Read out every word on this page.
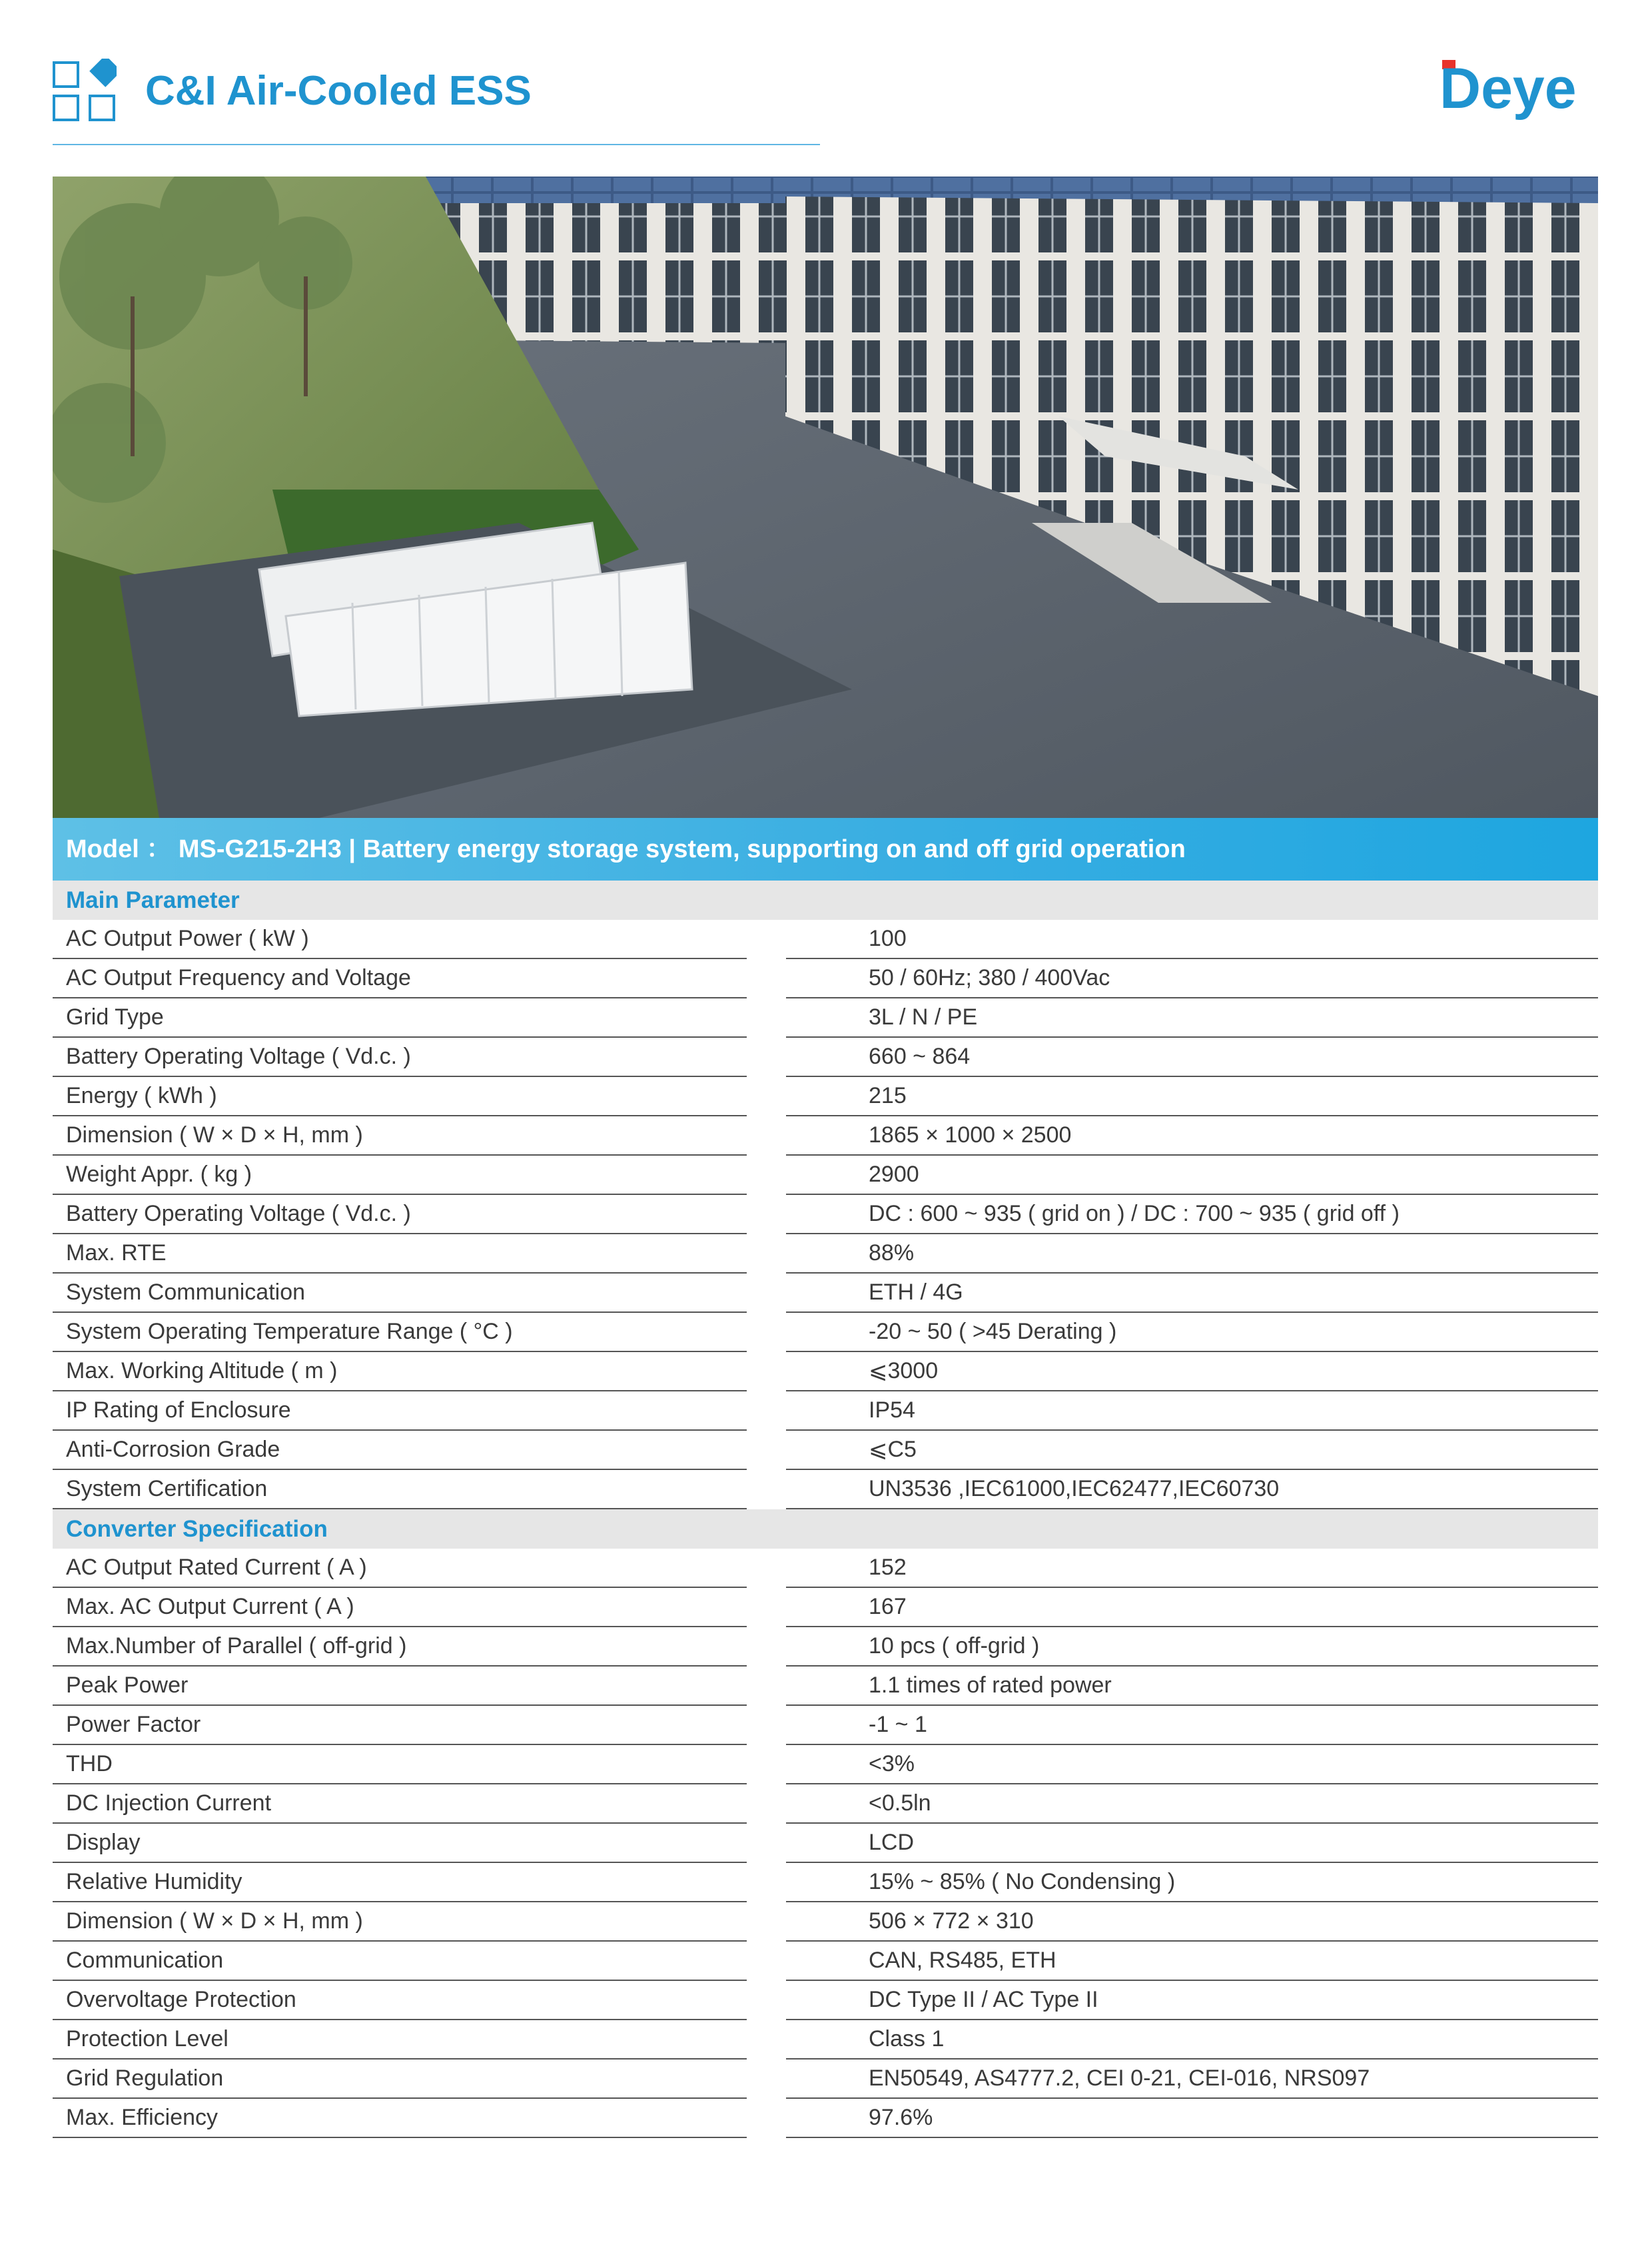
C&I Air-Cooled ESS	Deye
Model ： MS-G215-2H3 | Battery energy storage system, supporting on and off grid operation
Main Parameter
AC Output Power ( kW )	100
AC Output Frequency and Voltage	50 / 60Hz; 380 / 400Vac
Grid Type	3L / N / PE
Battery Operating Voltage ( Vd.c. )	660 ~ 864
Energy ( kWh )	215
Dimension ( W × D × H, mm )	1865 × 1000 × 2500
Weight Appr. ( kg )	2900
Battery Operating Voltage ( Vd.c. )	DC : 600 ~ 935 ( grid on ) / DC : 700 ~ 935 ( grid off )
Max. RTE	88%
System Communication	ETH / 4G
System Operating Temperature Range ( °C )	-20 ~ 50 ( >45 Derating )
Max. Working Altitude ( m )	⩽3000
IP Rating of Enclosure	IP54
Anti-Corrosion Grade	⩽C5
System Certification	UN3536 ,IEC61000,IEC62477,IEC60730
Converter Specification
AC Output Rated Current ( A )	152
Max. AC Output Current ( A )	167
Max.Number of Parallel ( off-grid )	10 pcs ( off-grid )
Peak Power	1.1 times of rated power
Power Factor	-1 ~ 1
THD	<3%
DC Injection Current	<0.5ln
Display	LCD
Relative Humidity	15% ~ 85% ( No Condensing )
Dimension ( W × D × H, mm )	506 × 772 × 310
Communication	CAN, RS485, ETH
Overvoltage Protection	DC Type II / AC Type II
Protection Level	Class 1
Grid Regulation	EN50549, AS4777.2, CEI 0-21, CEI-016, NRS097
Max. Efficiency	97.6%
